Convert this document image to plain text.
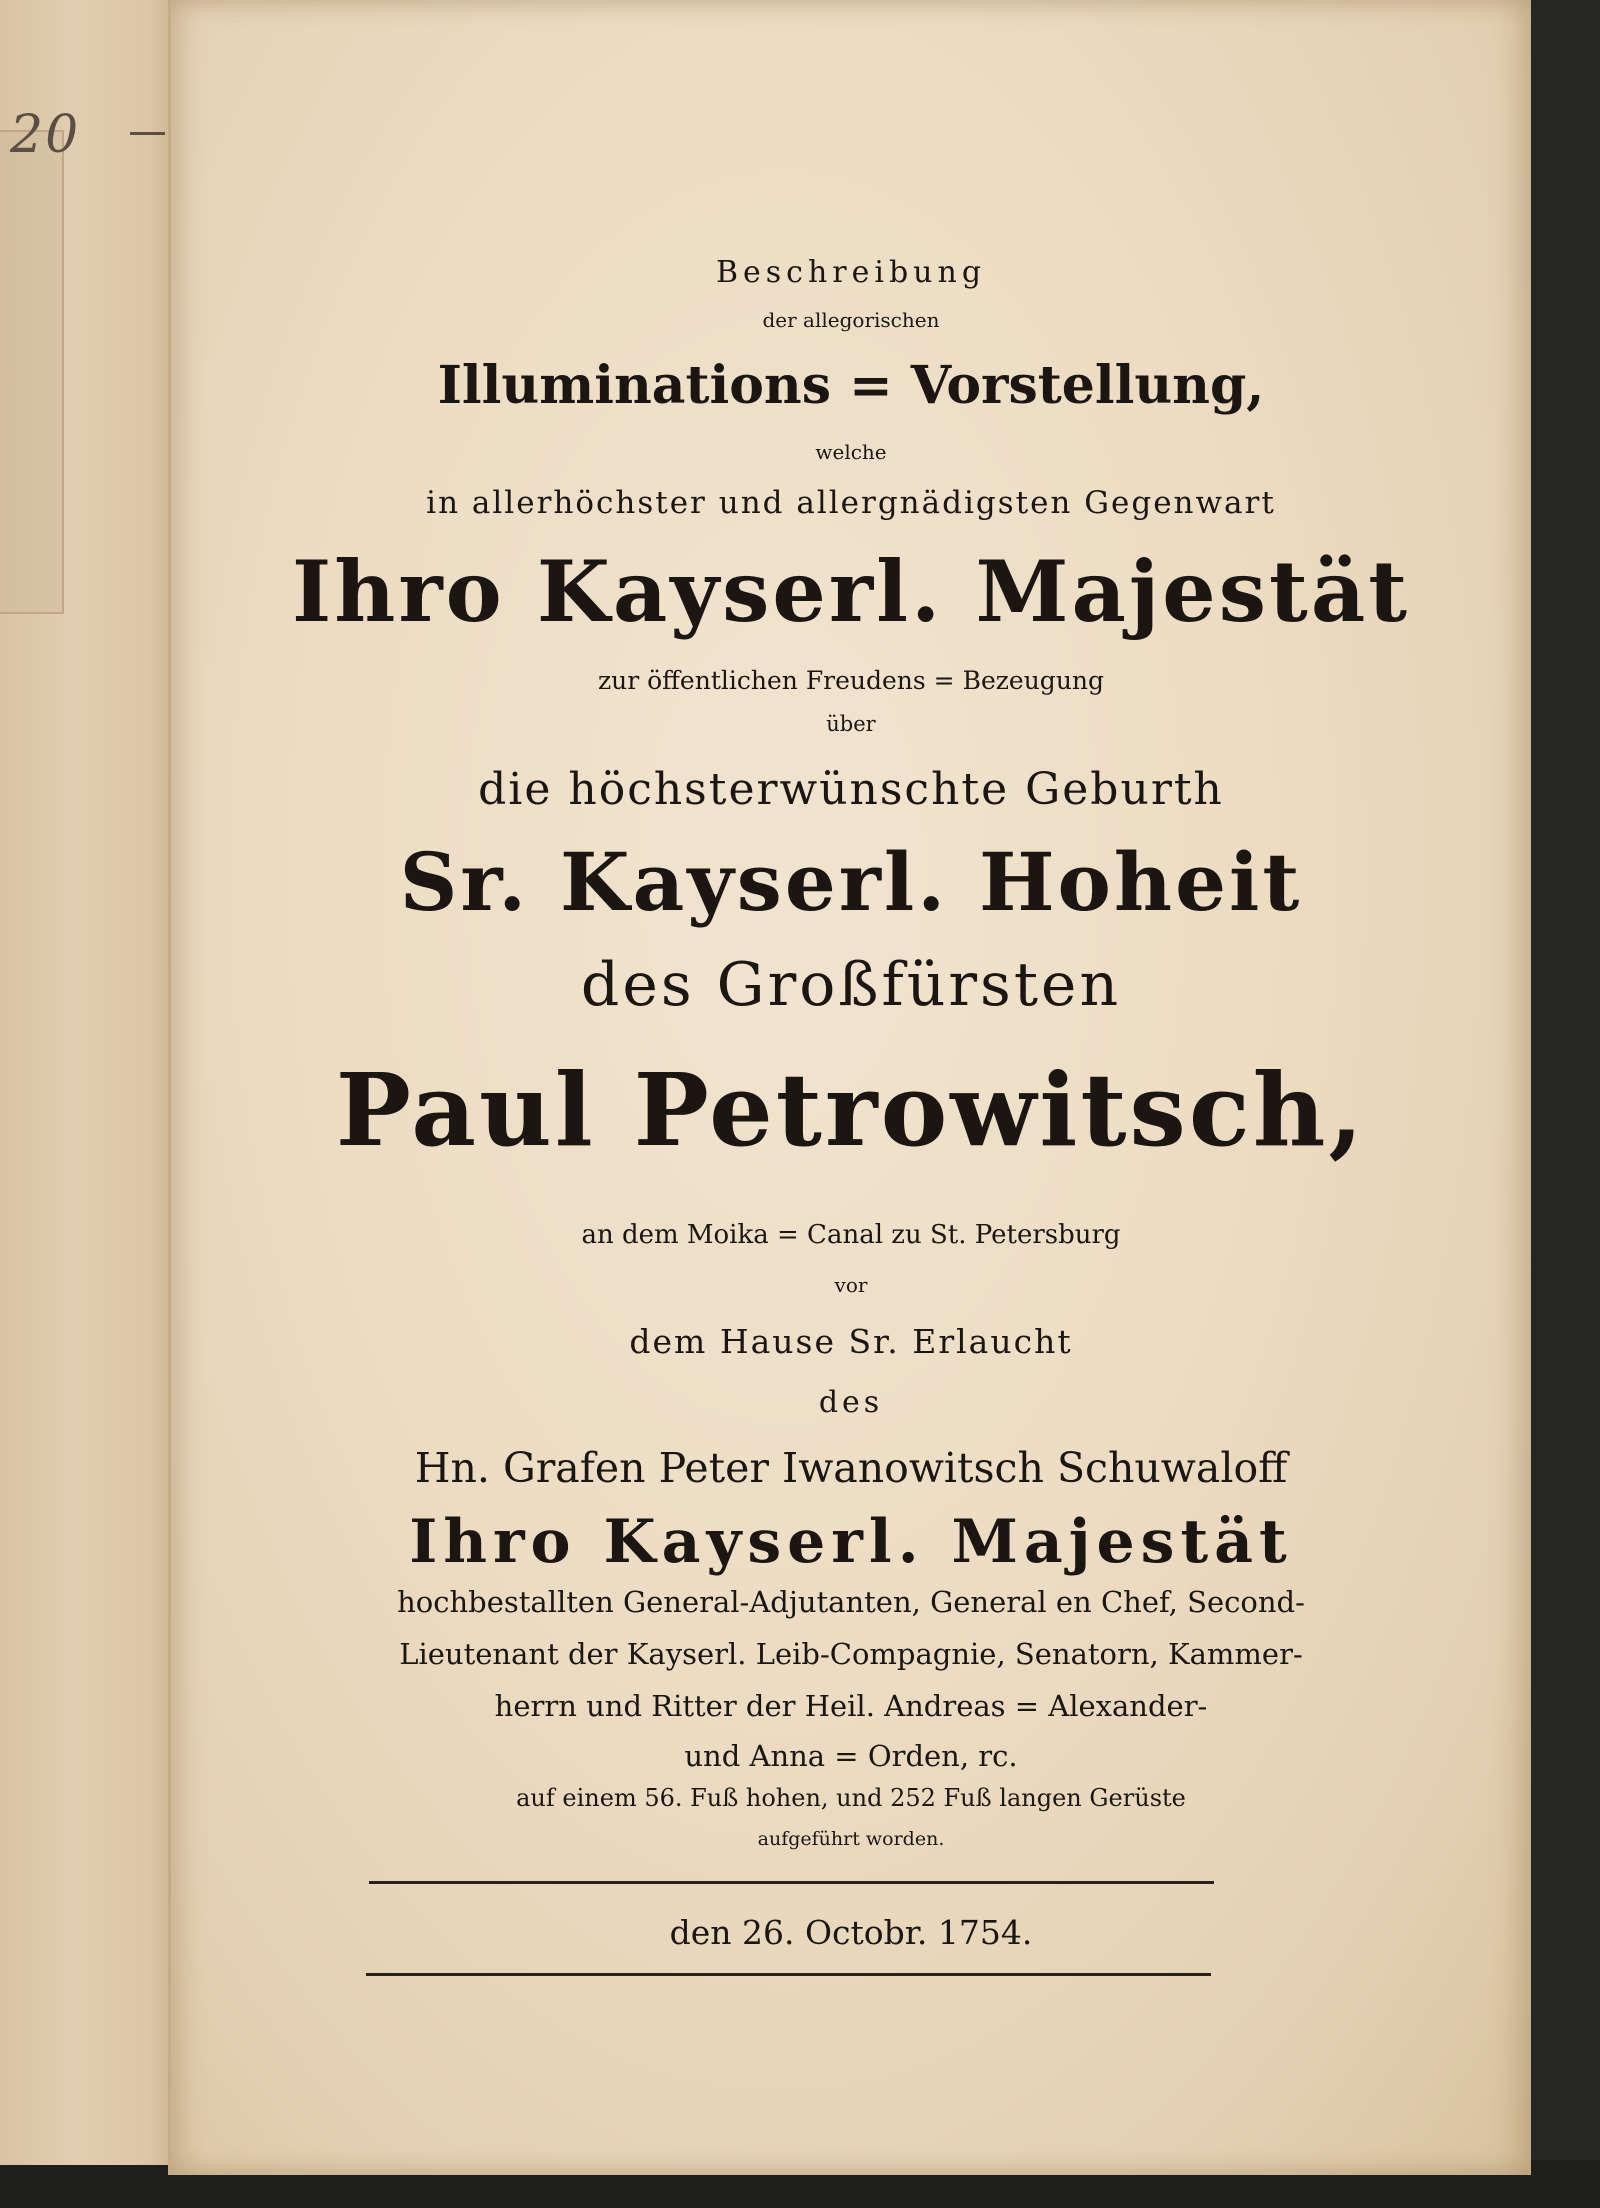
20
Beschreibung
der allegorischen
Illuminations = Vorstellung,
welche
in allerhöchster und allergnädigsten Gegenwart
Ihro Kayserl. Majestät
zur öffentlichen Freudens = Bezeugung
über
die höchsterwünschte Geburth
Sr. Kayserl. Hoheit
des Großfürsten
Paul Petrowitsch,
an dem Moika = Canal zu St. Petersburg
vor
dem Hause Sr. Erlaucht
des
Hn. Grafen Peter Iwanowitsch Schuwaloff
Ihro Kayserl. Majestät
hochbestallten General-Adjutanten, General en Chef, Second-
Lieutenant der Kayserl. Leib-Compagnie, Senatorn, Kammer-
herrn und Ritter der Heil. Andreas = Alexander-
und Anna = Orden, rc.
auf einem 56. Fuß hohen, und 252 Fuß langen Gerüste
aufgeführt worden.
den 26. Octobr. 1754.
